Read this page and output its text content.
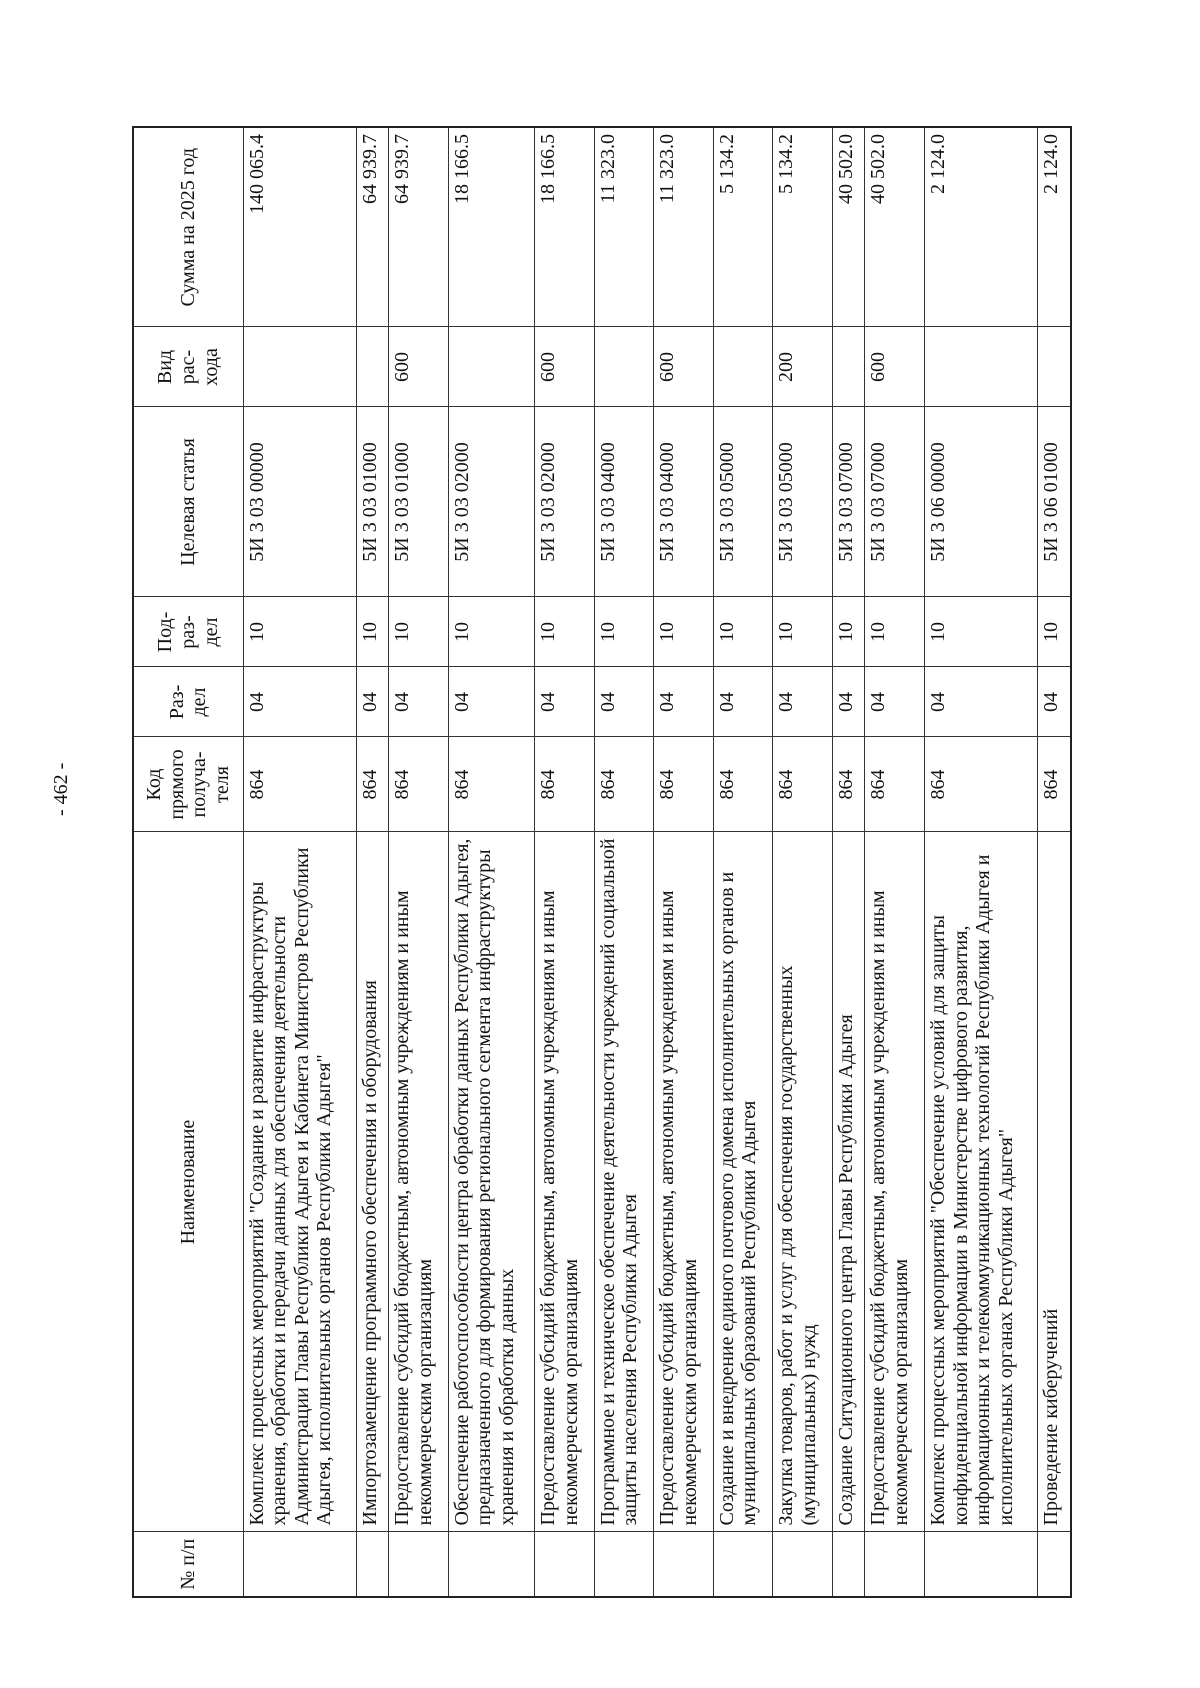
- 462 -
№ п/п	Наименование	Код прямого получа-теля	Раз-дел	Под-раз-дел	Целевая статья	Вид рас-хода	Сумма на 2025 год
	Комплекс процессных мероприятий "Создание и развитие инфраструктуры хранения, обработки и передачи данных для обеспечения деятельности Администрации Главы Республики Адыгея и Кабинета Министров Республики Адыгея, исполнительных органов Республики Адыгея"	864	04	10	5И 3 03 00000		140 065.4
	Импортозамещение программного обеспечения и оборудования	864	04	10	5И 3 03 01000		64 939.7
	Предоставление субсидий бюджетным, автономным учреждениям и иным некоммерческим организациям	864	04	10	5И 3 03 01000	600	64 939.7
	Обеспечение работоспособности центра обработки данных Республики Адыгея, предназначенного для формирования регионального сегмента инфраструктуры хранения и обработки данных	864	04	10	5И 3 03 02000		18 166.5
	Предоставление субсидий бюджетным, автономным учреждениям и иным некоммерческим организациям	864	04	10	5И 3 03 02000	600	18 166.5
	Программное и техническое обеспечение деятельности учреждений социальной защиты населения Республики Адыгея	864	04	10	5И 3 03 04000		11 323.0
	Предоставление субсидий бюджетным, автономным учреждениям и иным некоммерческим организациям	864	04	10	5И 3 03 04000	600	11 323.0
	Создание и внедрение единого почтового домена исполнительных органов и муниципальных образований Республики Адыгея	864	04	10	5И 3 03 05000		5 134.2
	Закупка товаров, работ и услуг для обеспечения государственных (муниципальных) нужд	864	04	10	5И 3 03 05000	200	5 134.2
	Создание Ситуационного центра Главы Республики Адыгея	864	04	10	5И 3 03 07000		40 502.0
	Предоставление субсидий бюджетным, автономным учреждениям и иным некоммерческим организациям	864	04	10	5И 3 03 07000	600	40 502.0
	Комплекс процессных мероприятий "Обеспечение условий для защиты конфиденциальной информации в Министерстве цифрового развития, информационных и телекоммуникационных технологий Республики Адыгея и исполнительных органах Республики Адыгея"	864	04	10	5И 3 06 00000		2 124.0
	Проведение киберучений	864	04	10	5И 3 06 01000		2 124.0
